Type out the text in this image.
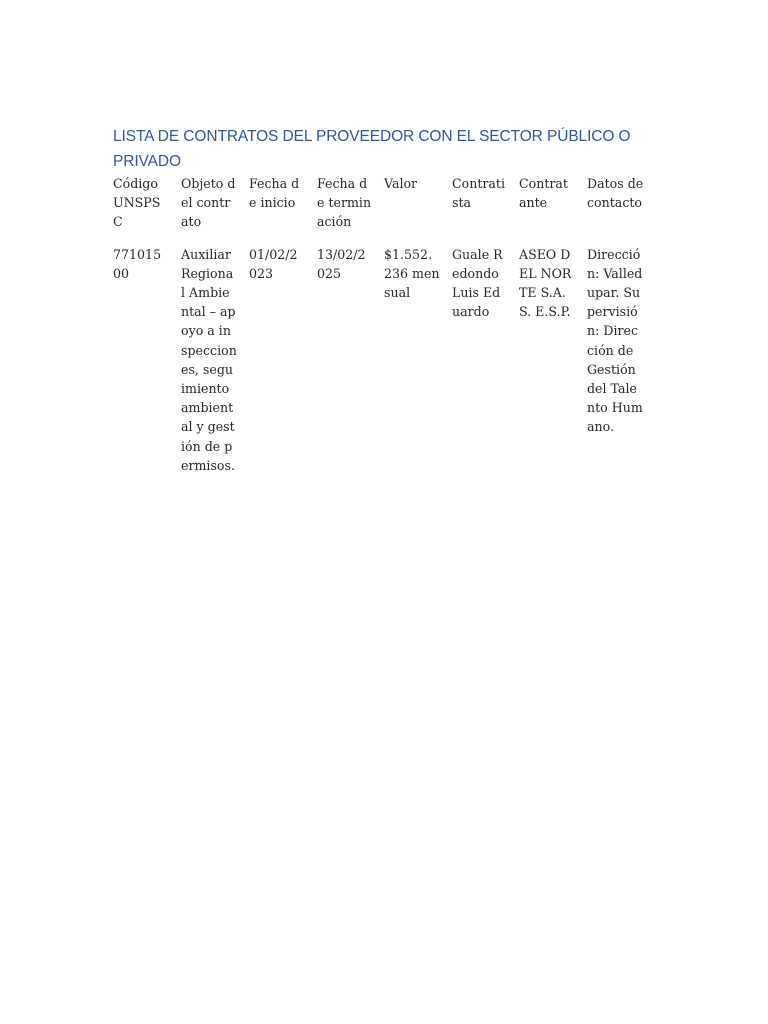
LISTA DE CONTRATOS DEL PROVEEDOR CON EL SECTOR PÚBLICO O PRIVADO
Código UNSPSC	Objeto del contrato	Fecha de inicio	Fecha de terminación	Valor	Contratista	Contratante	Datos de contacto
77101500	Auxiliar Regional Ambiental – apoyo a inspecciones, seguimiento ambiental y gestión de permisos.	01/02/2023	13/02/2025	$1.552.236 mensual	Guale Redondo Luis Eduardo	ASEO DEL NORTE S.A.S. E.S.P.	Dirección: Valledupar. Supervisión: Dirección de Gestión del Talento Humano.
